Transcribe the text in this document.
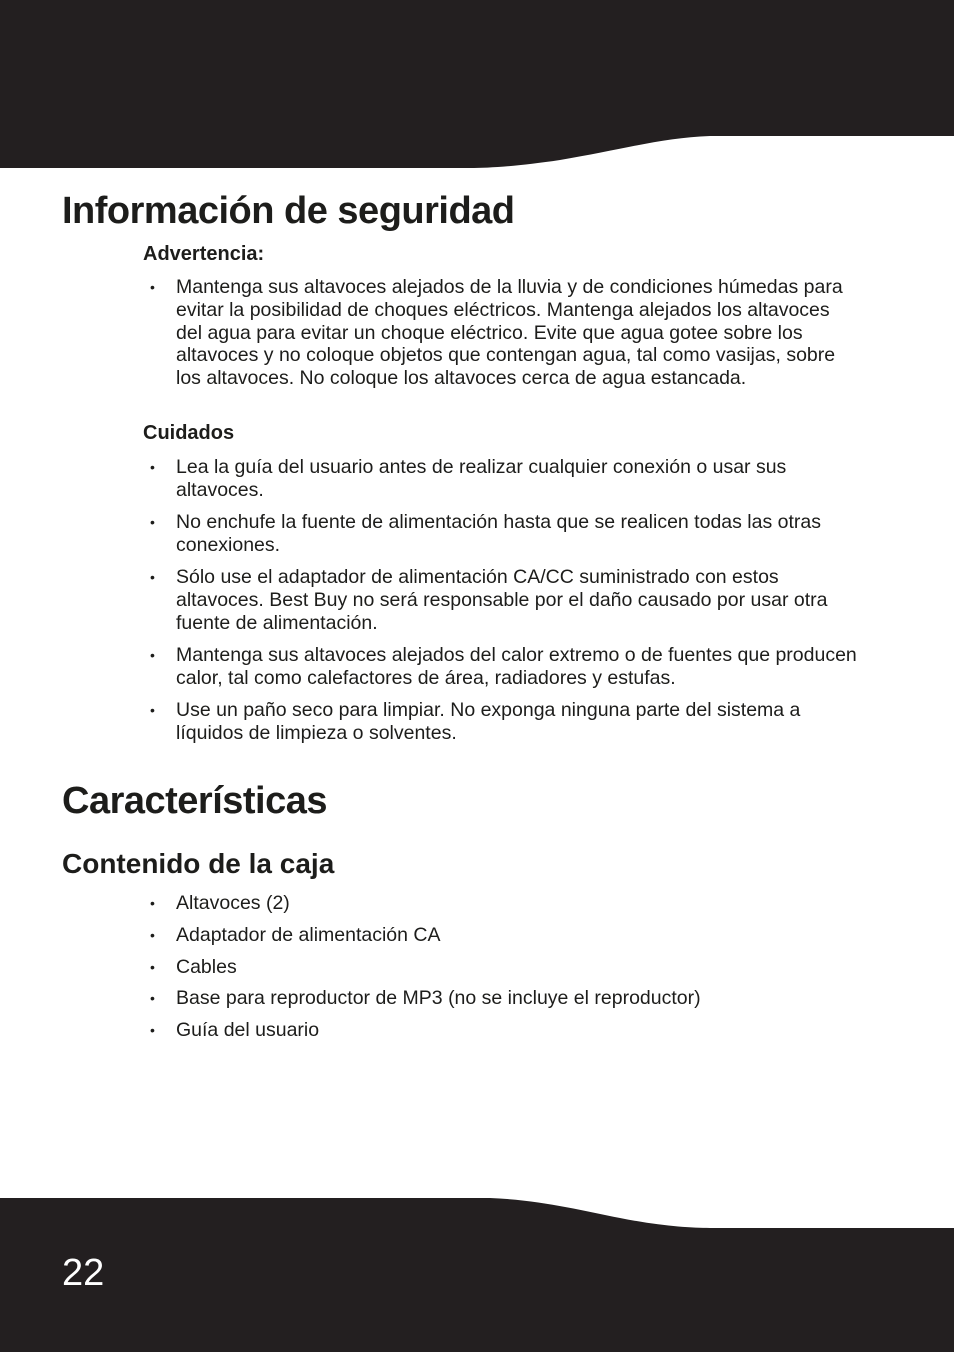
Información de seguridad

Advertencia:

• Mantenga sus altavoces alejados de la lluvia y de condiciones húmedas para evitar la posibilidad de choques eléctricos. Mantenga alejados los altavoces del agua para evitar un choque eléctrico. Evite que agua gotee sobre los altavoces y no coloque objetos que contengan agua, tal como vasijas, sobre los altavoces. No coloque los altavoces cerca de agua estancada.

Cuidados

• Lea la guía del usuario antes de realizar cualquier conexión o usar sus altavoces.
• No enchufe la fuente de alimentación hasta que se realicen todas las otras conexiones.
• Sólo use el adaptador de alimentación CA/CC suministrado con estos altavoces. Best Buy no será responsable por el daño causado por usar otra fuente de alimentación.
• Mantenga sus altavoces alejados del calor extremo o de fuentes que producen calor, tal como calefactores de área, radiadores y estufas.
• Use un paño seco para limpiar. No exponga ninguna parte del sistema a líquidos de limpieza o solventes.
Características
Contenido de la caja
• Altavoces (2)
• Adaptador de alimentación CA
• Cables
• Base para reproductor de MP3 (no se incluye el reproductor)
• Guía del usuario

22
